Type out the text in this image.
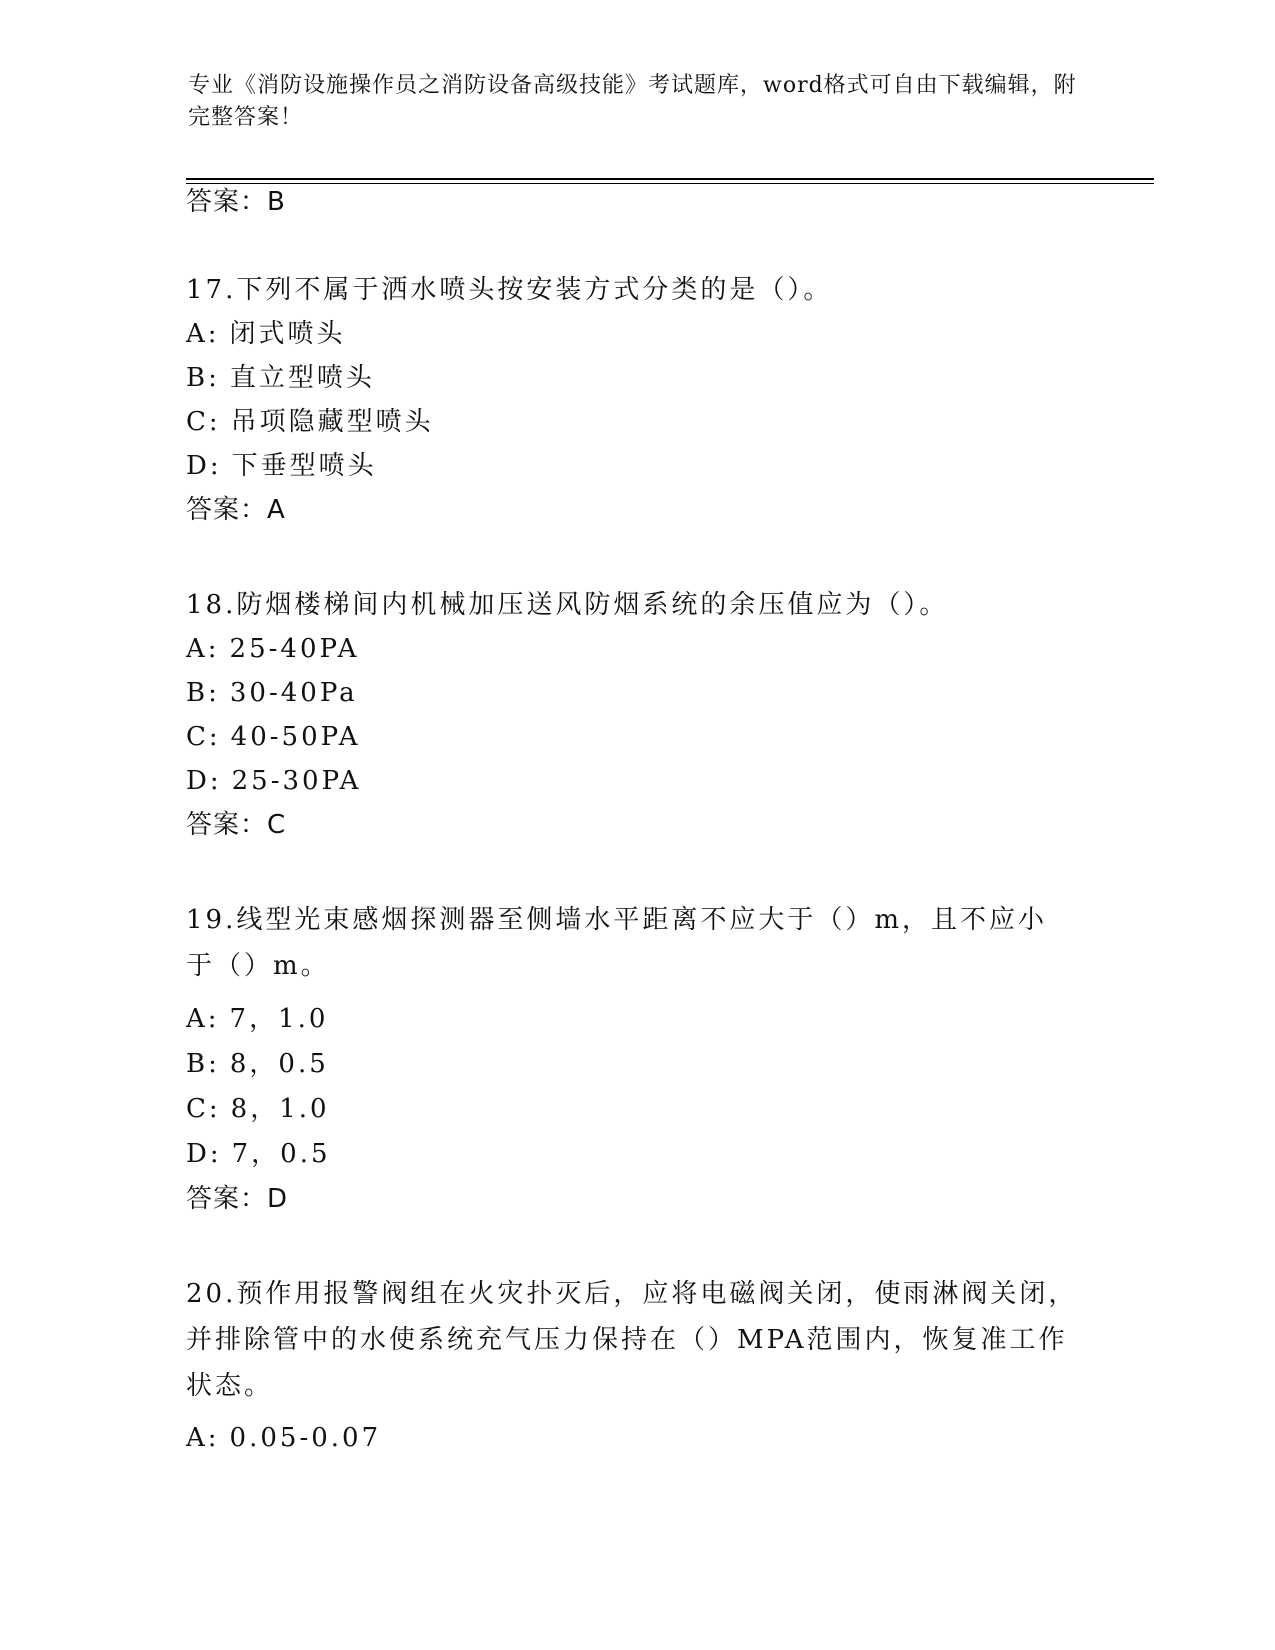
专业《消防设施操作员之消防设备高级技能》考试题库，word格式可自由下载编辑，附完整答案！
答案：B
17.下列不属于洒水喷头按安装方式分类的是（）。
A: 闭式喷头
B: 直立型喷头
C: 吊项隐藏型喷头
D: 下垂型喷头
答案：A
18.防烟楼梯间内机械加压送风防烟系统的余压值应为（）。
A: 25-40PA
B: 30-40Pa
C: 40-50PA
D: 25-30PA
答案：C
19.线型光束感烟探测器至侧墙水平距离不应大于（）m，且不应小于（）m。
A: 7，1.0
B: 8，0.5
C: 8，1.0
D: 7，0.5
答案：D
20.预作用报警阀组在火灾扑灭后，应将电磁阀关闭，使雨淋阀关闭，并排除管中的水使系统充气压力保持在（）MPA范围内，恢复准工作状态。
A: 0.05-0.07
